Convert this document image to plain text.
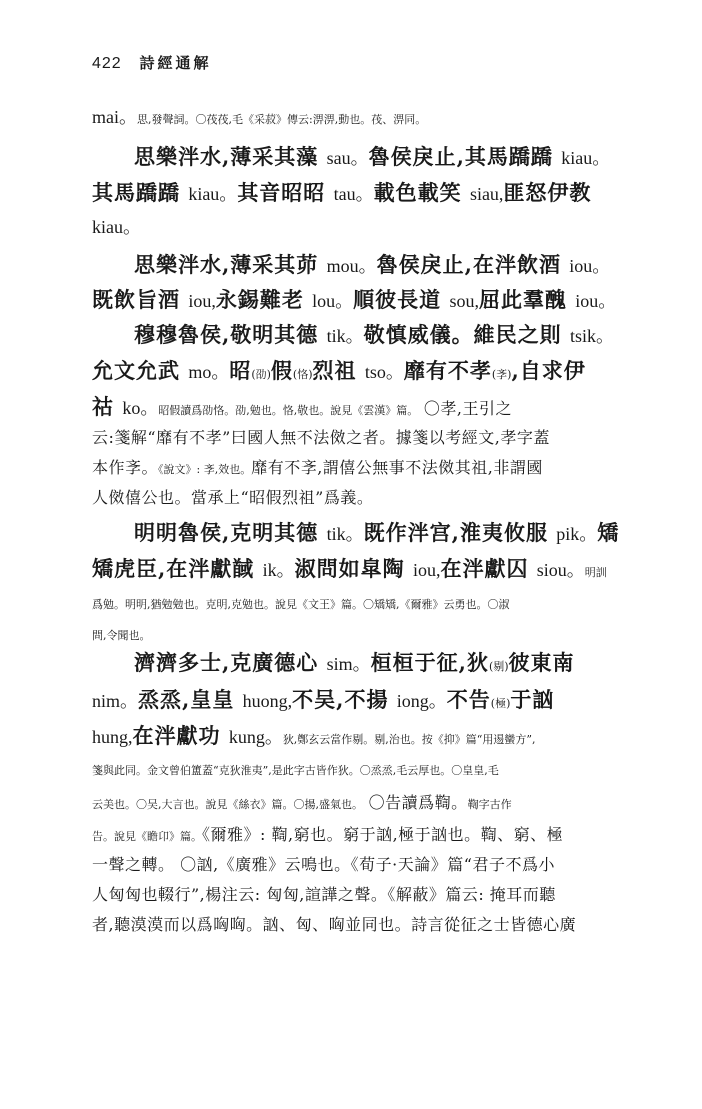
422 詩經通解
mai。思,發聲詞。〇茷茷,毛《采菽》傳云:淠淠,動也。茷、淠同。
思樂泮水,薄采其藻 sau。魯侯戾止,其馬蹻蹻 kiau。
其馬蹻蹻 kiau。其音昭昭 tau。載色載笑 siau,匪怒伊教
kiau。
思樂泮水,薄采其茆 mou。魯侯戾止,在泮飲酒 iou。
既飲旨酒 iou,永錫難老 lou。順彼長道 sou,屈此羣醜 iou。
穆穆魯侯,敬明其德 tik。敬慎威儀。維民之則 tsik。
允文允武 mo。昭(劭)假(恪)烈祖 tso。靡有不孝(斈),自求伊
祜 ko。昭假讀爲劭恪。劭,勉也。恪,敬也。說見《雲漢》篇。 〇孝,王引之
云:箋解“靡有不孝”曰國人無不法傚之者。據箋以考經文,孝字蓋
本作斈。《說文》: 斈,效也。靡有不斈,謂僖公無事不法傚其祖,非謂國
人傚僖公也。當承上“昭假烈祖”爲義。
明明魯侯,克明其德 tik。既作泮宫,淮夷攸服 pik。矯
矯虎臣,在泮獻馘 ik。淑問如皐陶 iou,在泮獻囚 siou。明訓
爲勉。明明,猶勉勉也。克明,克勉也。說見《文王》篇。〇矯矯,《爾雅》云勇也。〇淑
問,令聞也。
濟濟多士,克廣德心 sim。桓桓于征,狄(剔)彼東南
nim。烝烝,皇皇 huong,不吴,不揚 iong。不告(極)于訩
hung,在泮獻功 kung。狄,鄭玄云當作剔。剔,治也。按《抑》篇“用逷蠻方”,
箋與此同。金文曾伯簠蓋“克狄淮夷”,是此字古皆作狄。〇烝烝,毛云厚也。〇皇皇,毛
云美也。〇吴,大言也。說見《絲衣》篇。〇揚,盛氣也。 〇告讀爲鞫。鞫字古作
告。說見《瞻卬》篇。《爾雅》: 鞫,窮也。窮于訩,極于訩也。鞫、窮、極
一聲之轉。 〇訩,《廣雅》云鳴也。《荀子·天論》篇“君子不爲小
人匈匈也輟行”,楊注云: 匈匈,諠譁之聲。《解蔽》篇云: 掩耳而聽
者,聽漠漠而以爲哅哅。訩、匈、哅並同也。詩言從征之士皆德心廣
